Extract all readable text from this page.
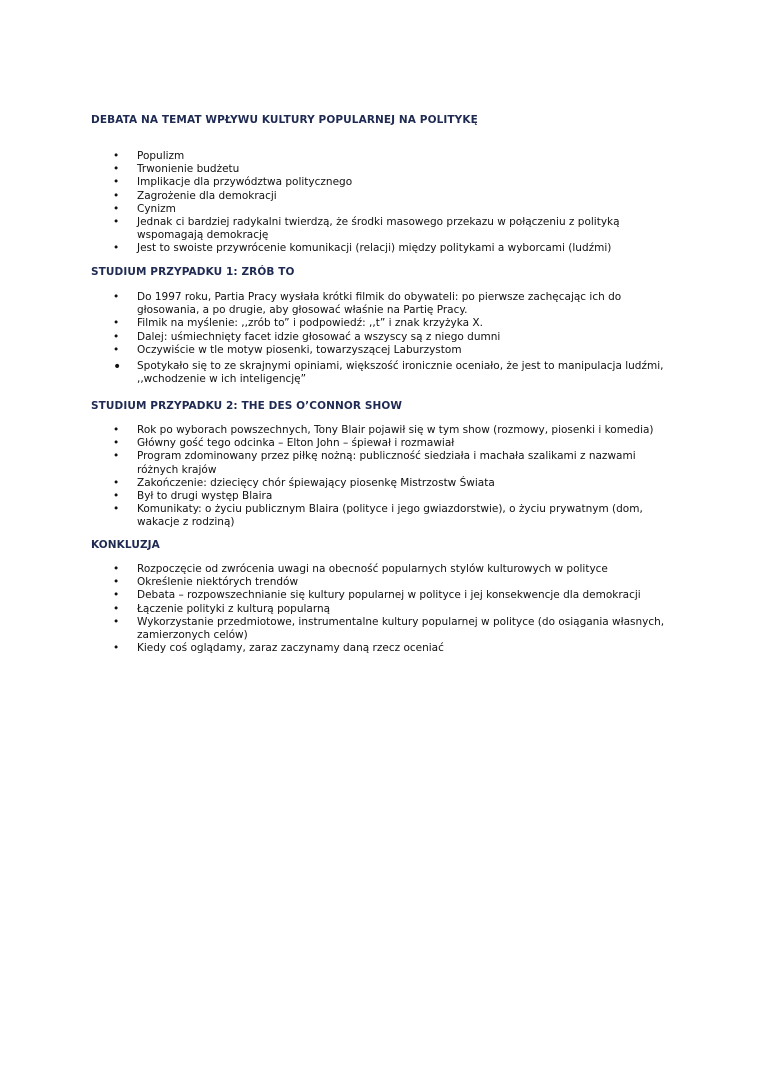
DEBATA NA TEMAT WPŁYWU KULTURY POPULARNEJ NA POLITYKĘ
• Populizm
• Trwonienie budżetu
• Implikacje dla przywództwa politycznego
• Zagrożenie dla demokracji
• Cynizm
• Jednak ci bardziej radykalni twierdzą, że środki masowego przekazu w połączeniu z polityką wspomagają demokrację
• Jest to swoiste przywrócenie komunikacji (relacji) między politykami a wyborcami (ludźmi)
STUDIUM PRZYPADKU 1: ZRÓB TO
• Do 1997 roku, Partia Pracy wysłała krótki filmik do obywateli: po pierwsze zachęcając ich do głosowania, a po drugie, aby głosować właśnie na Partię Pracy.
• Filmik na myślenie: ,,zrób to” i podpowiedź: ,,t” i znak krzyżyka X.
• Dalej: uśmiechnięty facet idzie głosować a wszyscy są z niego dumni
• Oczywiście w tle motyw piosenki, towarzyszącej Laburzystom
• Spotykało się to ze skrajnymi opiniami, większość ironicznie oceniało, że jest to manipulacja ludźmi, ,,wchodzenie w ich inteligencję”
STUDIUM PRZYPADKU 2: THE DES O’CONNOR SHOW
• Rok po wyborach powszechnych, Tony Blair pojawił się w tym show (rozmowy, piosenki i komedia)
• Główny gość tego odcinka – Elton John – śpiewał i rozmawiał
• Program zdominowany przez piłkę nożną: publiczność siedziała i machała szalikami z nazwami różnych krajów
• Zakończenie: dziecięcy chór śpiewający piosenkę Mistrzostw Świata
• Był to drugi występ Blaira
• Komunikaty: o życiu publicznym Blaira (polityce i jego gwiazdorstwie), o życiu prywatnym (dom, wakacje z rodziną)
KONKLUZJA
• Rozpoczęcie od zwrócenia uwagi na obecność popularnych stylów kulturowych w polityce
• Określenie niektórych trendów
• Debata – rozpowszechnianie się kultury popularnej w polityce i jej konsekwencje dla demokracji
• Łączenie polityki z kulturą popularną
• Wykorzystanie przedmiotowe, instrumentalne kultury popularnej w polityce (do osiągania własnych, zamierzonych celów)
• Kiedy coś oglądamy, zaraz zaczynamy daną rzecz oceniać
